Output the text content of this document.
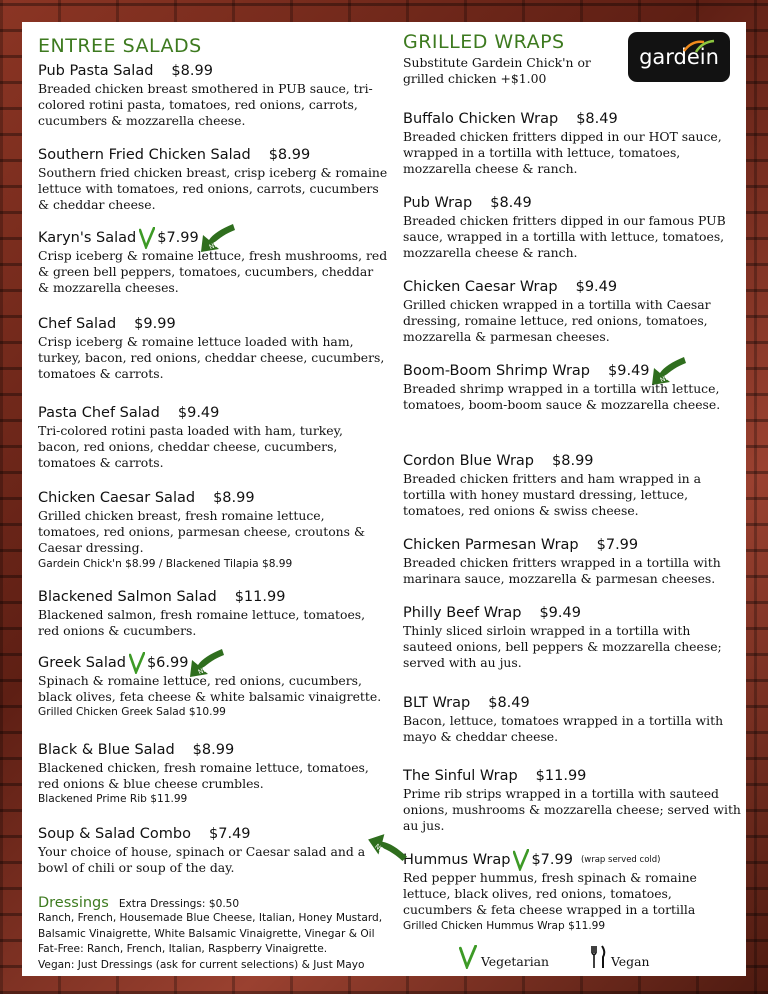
ENTREE SALADS
Pub Pasta Salad $8.99
Breaded chicken breast smothered in PUB sauce, tri-colored rotini pasta, tomatoes, red onions, carrots, cucumbers & mozzarella cheese.
Southern Fried Chicken Salad $8.99
Southern fried chicken breast, crisp iceberg & romaine lettuce with tomatoes, red onions, carrots, cucumbers & cheddar cheese.
Karyn's Salad $7.99 NEW
Crisp iceberg & romaine lettuce, fresh mushrooms, red & green bell peppers, tomatoes, cucumbers, cheddar & mozzarella cheeses.
Chef Salad $9.99
Crisp iceberg & romaine lettuce loaded with ham, turkey, bacon, red onions, cheddar cheese, cucumbers, tomatoes & carrots.
Pasta Chef Salad $9.49
Tri-colored rotini pasta loaded with ham, turkey, bacon, red onions, cheddar cheese, cucumbers, tomatoes & carrots.
Chicken Caesar Salad $8.99
Grilled chicken breast, fresh romaine lettuce, tomatoes, red onions, parmesan cheese, croutons & Caesar dressing.
Gardein Chick'n $8.99 / Blackened Tilapia $8.99
Blackened Salmon Salad $11.99
Blackened salmon, fresh romaine lettuce, tomatoes, red onions & cucumbers.
Greek Salad $6.99 NEW
Spinach & romaine lettuce, red onions, cucumbers, black olives, feta cheese & white balsamic vinaigrette.
Grilled Chicken Greek Salad $10.99
Black & Blue Salad $8.99
Blackened chicken, fresh romaine lettuce, tomatoes, red onions & blue cheese crumbles.
Blackened Prime Rib $11.99
Soup & Salad Combo $7.49
Your choice of house, spinach or Caesar salad and a bowl of chili or soup of the day.
Dressings Extra Dressings: $0.50
Ranch, French, Housemade Blue Cheese, Italian, Honey Mustard,
Balsamic Vinaigrette, White Balsamic Vinaigrette, Vinegar & Oil
Fat-Free: Ranch, French, Italian, Raspberry Vinaigrette.
Vegan: Just Dressings (ask for current selections) & Just Mayo
GRILLED WRAPS
Substitute Gardein Chick'n or grilled chicken +$1.00
Buffalo Chicken Wrap $8.49
Breaded chicken fritters dipped in our HOT sauce, wrapped in a tortilla with lettuce, tomatoes, mozzarella cheese & ranch.
Pub Wrap $8.49
Breaded chicken fritters dipped in our famous PUB sauce, wrapped in a tortilla with lettuce, tomatoes, mozzarella cheese & ranch.
Chicken Caesar Wrap $9.49
Grilled chicken wrapped in a tortilla with Caesar dressing, romaine lettuce, red onions, tomatoes, mozzarella & parmesan cheeses.
Boom-Boom Shrimp Wrap $9.49 NEW
Breaded shrimp wrapped in a tortilla with lettuce, tomatoes, boom-boom sauce & mozzarella cheese.
Cordon Blue Wrap $8.99
Breaded chicken fritters and ham wrapped in a tortilla with honey mustard dressing, lettuce, tomatoes, red onions & swiss cheese.
Chicken Parmesan Wrap $7.99
Breaded chicken fritters wrapped in a tortilla with marinara sauce, mozzarella & parmesan cheeses.
Philly Beef Wrap $9.49
Thinly sliced sirloin wrapped in a tortilla with sauteed onions, bell peppers & mozzarella cheese; served with au jus.
BLT Wrap $8.49
Bacon, lettuce, tomatoes wrapped in a tortilla with mayo & cheddar cheese.
The Sinful Wrap $11.99
Prime rib strips wrapped in a tortilla with sauteed onions, mushrooms & mozzarella cheese; served with au jus.
Hummus Wrap $7.99 (wrap served cold)
Red pepper hummus, fresh spinach & romaine lettuce, black olives, red onions, tomatoes, cucumbers & feta cheese wrapped in a tortilla
Grilled Chicken Hummus Wrap $11.99
Vegetarian	Vegan
NEW
gardein
